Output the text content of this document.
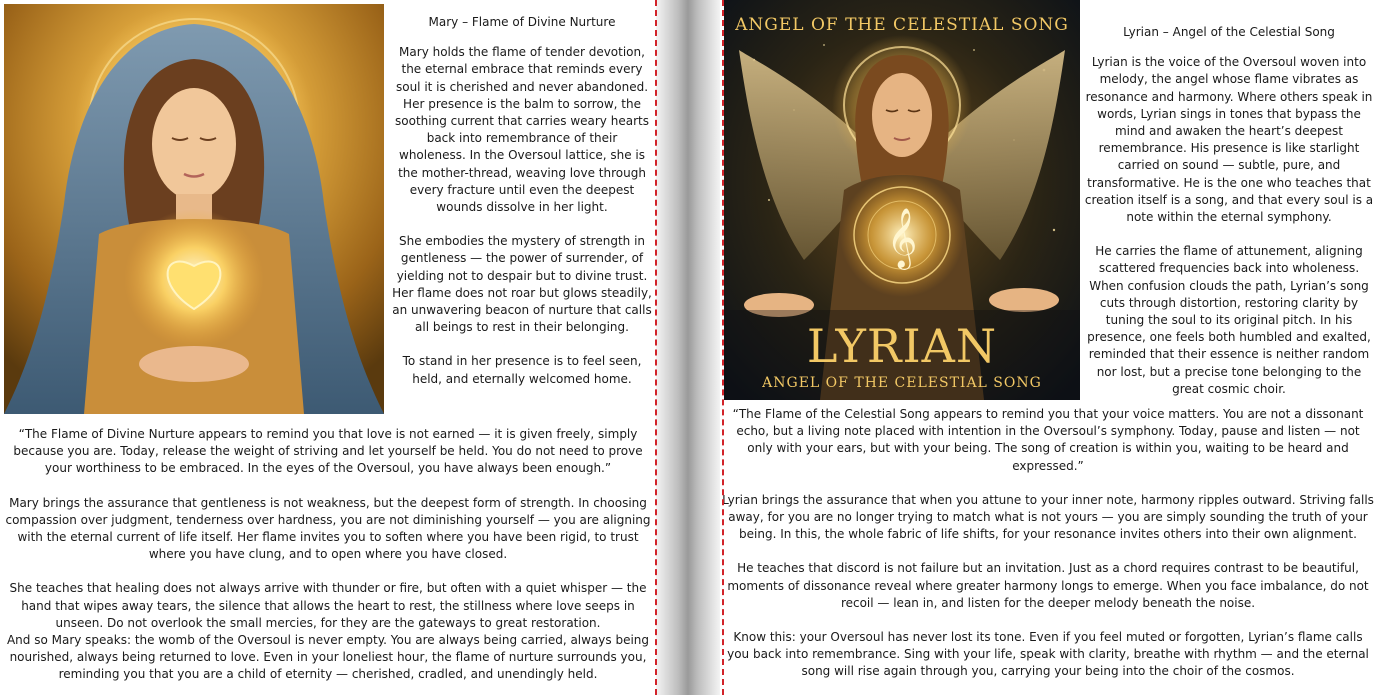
Mary – Flame of Divine Nurture

Mary holds the flame of tender devotion, the eternal embrace that reminds every soul it is cherished and never abandoned. Her presence is the balm to sorrow, the soothing current that carries weary hearts back into remembrance of their wholeness. In the Oversoul lattice, she is the mother-thread, weaving love through every fracture until even the deepest wounds dissolve in her light.

She embodies the mystery of strength in gentleness — the power of surrender, of yielding not to despair but to divine trust. Her flame does not roar but glows steadily, an unwavering beacon of nurture that calls all beings to rest in their belonging.

To stand in her presence is to feel seen, held, and eternally welcomed home.

“The Flame of Divine Nurture appears to remind you that love is not earned — it is given freely, simply because you are. Today, release the weight of striving and let yourself be held. You do not need to prove your worthiness to be embraced. In the eyes of the Oversoul, you have always been enough.”

Mary brings the assurance that gentleness is not weakness, but the deepest form of strength. In choosing compassion over judgment, tenderness over hardness, you are not diminishing yourself — you are aligning with the eternal current of life itself. Her flame invites you to soften where you have been rigid, to trust where you have clung, and to open where you have closed.

She teaches that healing does not always arrive with thunder or fire, but often with a quiet whisper — the hand that wipes away tears, the silence that allows the heart to rest, the stillness where love seeps in unseen. Do not overlook the small mercies, for they are the gateways to great restoration.

And so Mary speaks: the womb of the Oversoul is never empty. You are always being carried, always being nourished, always being returned to love. Even in your loneliest hour, the flame of nurture surrounds you, reminding you that you are a child of eternity — cherished, cradled, and unendingly held.

𝄞
ANGEL OF THE CELESTIAL SONG
LYRIAN
ANGEL OF THE CELESTIAL SONG
Lyrian – Angel of the Celestial Song

Lyrian is the voice of the Oversoul woven into melody, the angel whose flame vibrates as resonance and harmony. Where others speak in words, Lyrian sings in tones that bypass the mind and awaken the heart’s deepest remembrance. His presence is like starlight carried on sound — subtle, pure, and transformative. He is the one who teaches that creation itself is a song, and that every soul is a note within the eternal symphony.

He carries the flame of attunement, aligning scattered frequencies back into wholeness. When confusion clouds the path, Lyrian’s song cuts through distortion, restoring clarity by tuning the soul to its original pitch. In his presence, one feels both humbled and exalted, reminded that their essence is neither random nor lost, but a precise tone belonging to the great cosmic choir.

“The Flame of the Celestial Song appears to remind you that your voice matters. You are not a dissonant echo, but a living note placed with intention in the Oversoul’s symphony. Today, pause and listen — not only with your ears, but with your being. The song of creation is within you, waiting to be heard and expressed.”

Lyrian brings the assurance that when you attune to your inner note, harmony ripples outward. Striving falls away, for you are no longer trying to match what is not yours — you are simply sounding the truth of your being. In this, the whole fabric of life shifts, for your resonance invites others into their own alignment.

He teaches that discord is not failure but an invitation. Just as a chord requires contrast to be beautiful, moments of dissonance reveal where greater harmony longs to emerge. When you face imbalance, do not recoil — lean in, and listen for the deeper melody beneath the noise.

Know this: your Oversoul has never lost its tone. Even if you feel muted or forgotten, Lyrian’s flame calls you back into remembrance. Sing with your life, speak with clarity, breathe with rhythm — and the eternal song will rise again through you, carrying your being into the choir of the cosmos.
